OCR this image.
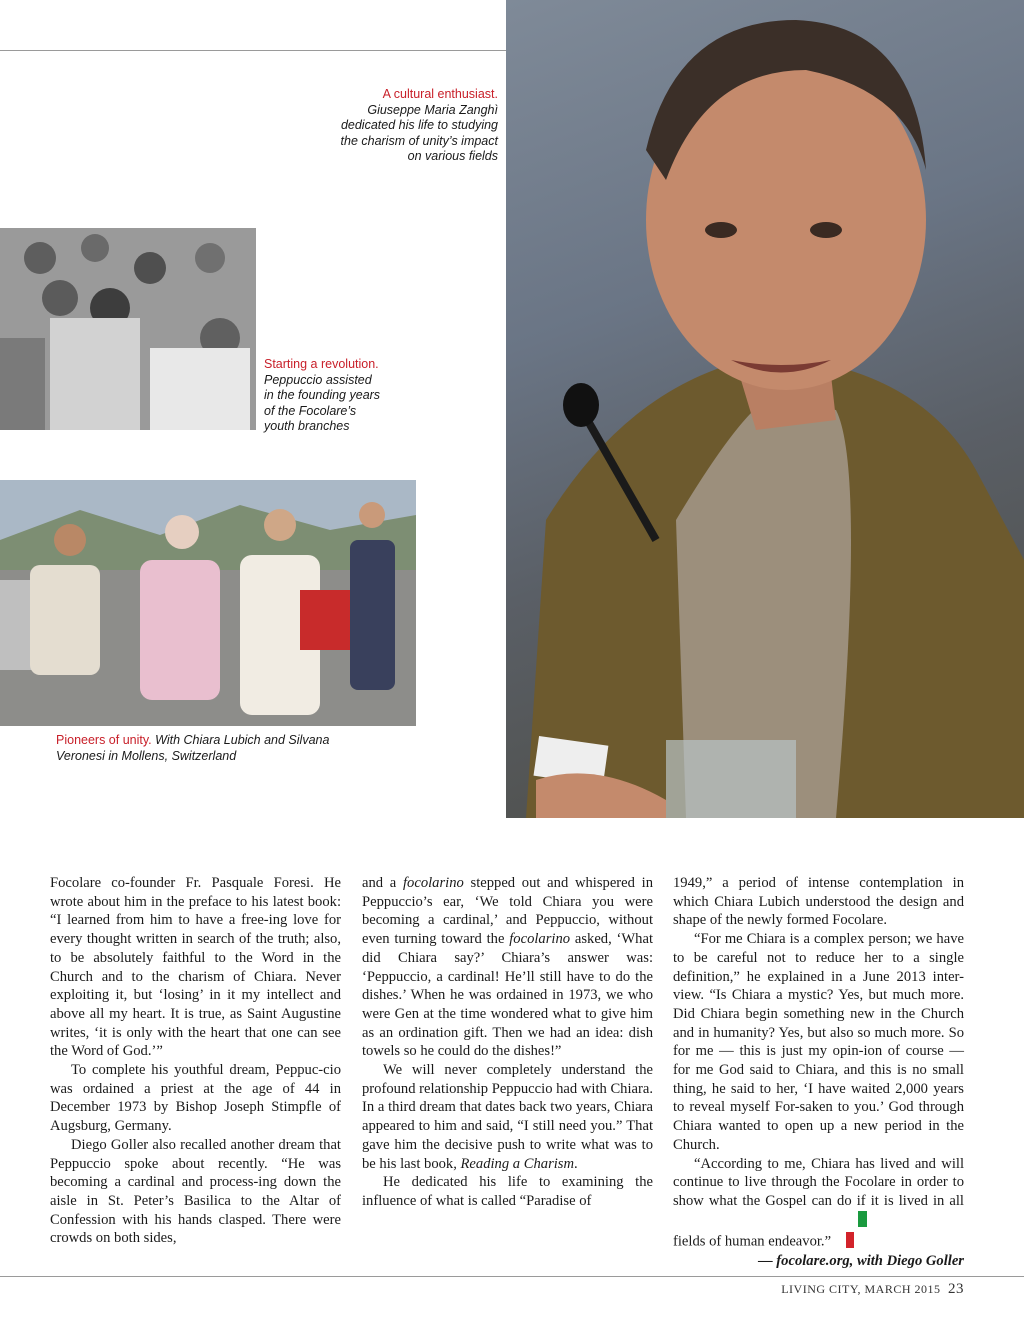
A cultural enthusiast.
Giuseppe Maria Zanghì
dedicated his life to studying
the charism of unity’s impact
on various fields
Starting a revolution.
Peppuccio assisted
in the founding years
of the Focolare’s
youth branches
Pioneers of unity. With Chiara Lubich and Silvana
Veronesi in Mollens, Switzerland

Focolare co-founder Fr. Pasquale Foresi. He wrote about him in the preface to his latest book: “I learned from him to have a free-ing love for every thought written in search of the truth; also, to be absolutely faithful to the Word in the Church and to the charism of Chiara. Never exploiting it, but ‘losing’ in it my intellect and above all my heart. It is true, as Saint Augustine writes, ‘it is only with the heart that one can see the Word of God.’”

To complete his youthful dream, Peppuc-cio was ordained a priest at the age of 44 in December 1973 by Bishop Joseph Stimpfle of Augsburg, Germany.

Diego Goller also recalled another dream that Peppuccio spoke about recently. “He was becoming a cardinal and process-ing down the aisle in St. Peter’s Basilica to the Altar of Confession with his hands clasped. There were crowds on both sides,

and a focolarino stepped out and whispered in Peppuccio’s ear, ‘We told Chiara you were becoming a cardinal,’ and Peppuccio, without even turning toward the focolarino asked, ‘What did Chiara say?’ Chiara’s answer was: ‘Peppuccio, a cardinal! He’ll still have to do the dishes.’ When he was ordained in 1973, we who were Gen at the time wondered what to give him as an ordination gift. Then we had an idea: dish towels so he could do the dishes!”

We will never completely understand the profound relationship Peppuccio had with Chiara. In a third dream that dates back two years, Chiara appeared to him and said, “I still need you.” That gave him the decisive push to write what was to be his last book, Reading a Charism.

He dedicated his life to examining the influence of what is called “Paradise of

1949,” a period of intense contemplation in which Chiara Lubich understood the design and shape of the newly formed Focolare.

“For me Chiara is a complex person; we have to be careful not to reduce her to a single definition,” he explained in a June 2013 inter-view. “Is Chiara a mystic? Yes, but much more. Did Chiara begin something new in the Church and in humanity? Yes, but also so much more. So for me — this is just my opin-ion of course — for me God said to Chiara, and this is no small thing, he said to her, ‘I have waited 2,000 years to reveal myself For-saken to you.’ God through Chiara wanted to open up a new period in the Church.

“According to me, Chiara has lived and will continue to live through the Focolare in order to show what the Gospel can do if it is lived in all fields of human endeavor.”

— focolare.org, with Diego Goller
LIVING CITY, MARCH 2015 23
